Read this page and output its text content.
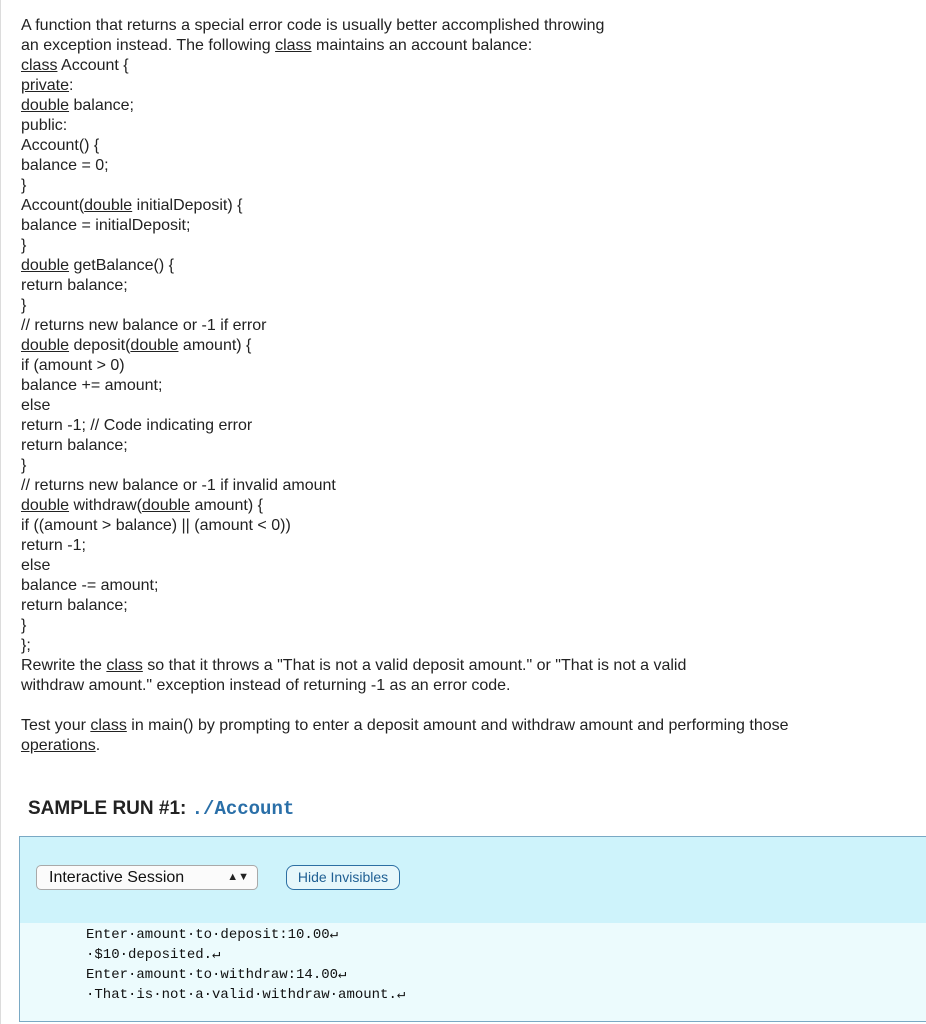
A function that returns a special error code is usually better accomplished throwing
an exception instead. The following class maintains an account balance:
class Account {
private:
double balance;
public:
Account() {
balance = 0;
}
Account(double initialDeposit) {
balance = initialDeposit;
}
double getBalance() {
return balance;
}
// returns new balance or -1 if error
double deposit(double amount) {
if (amount > 0)
balance += amount;
else
return -1; // Code indicating error
return balance;
}
// returns new balance or -1 if invalid amount
double withdraw(double amount) {
if ((amount > balance) || (amount < 0))
return -1;
else
balance -= amount;
return balance;
}
};
Rewrite the class so that it throws a "That is not a valid deposit amount." or "That is not a valid
withdraw amount." exception instead of returning -1 as an error code.
Test your class in main() by prompting to enter a deposit amount and withdraw amount and performing those
operations.
SAMPLE RUN #1: ./Account
Interactive Session	▲▼	Hide Invisibles
Enter·amount·to·deposit:10.00↵
·$10·deposited.↵
Enter·amount·to·withdraw:14.00↵
·That·is·not·a·valid·withdraw·amount.↵
